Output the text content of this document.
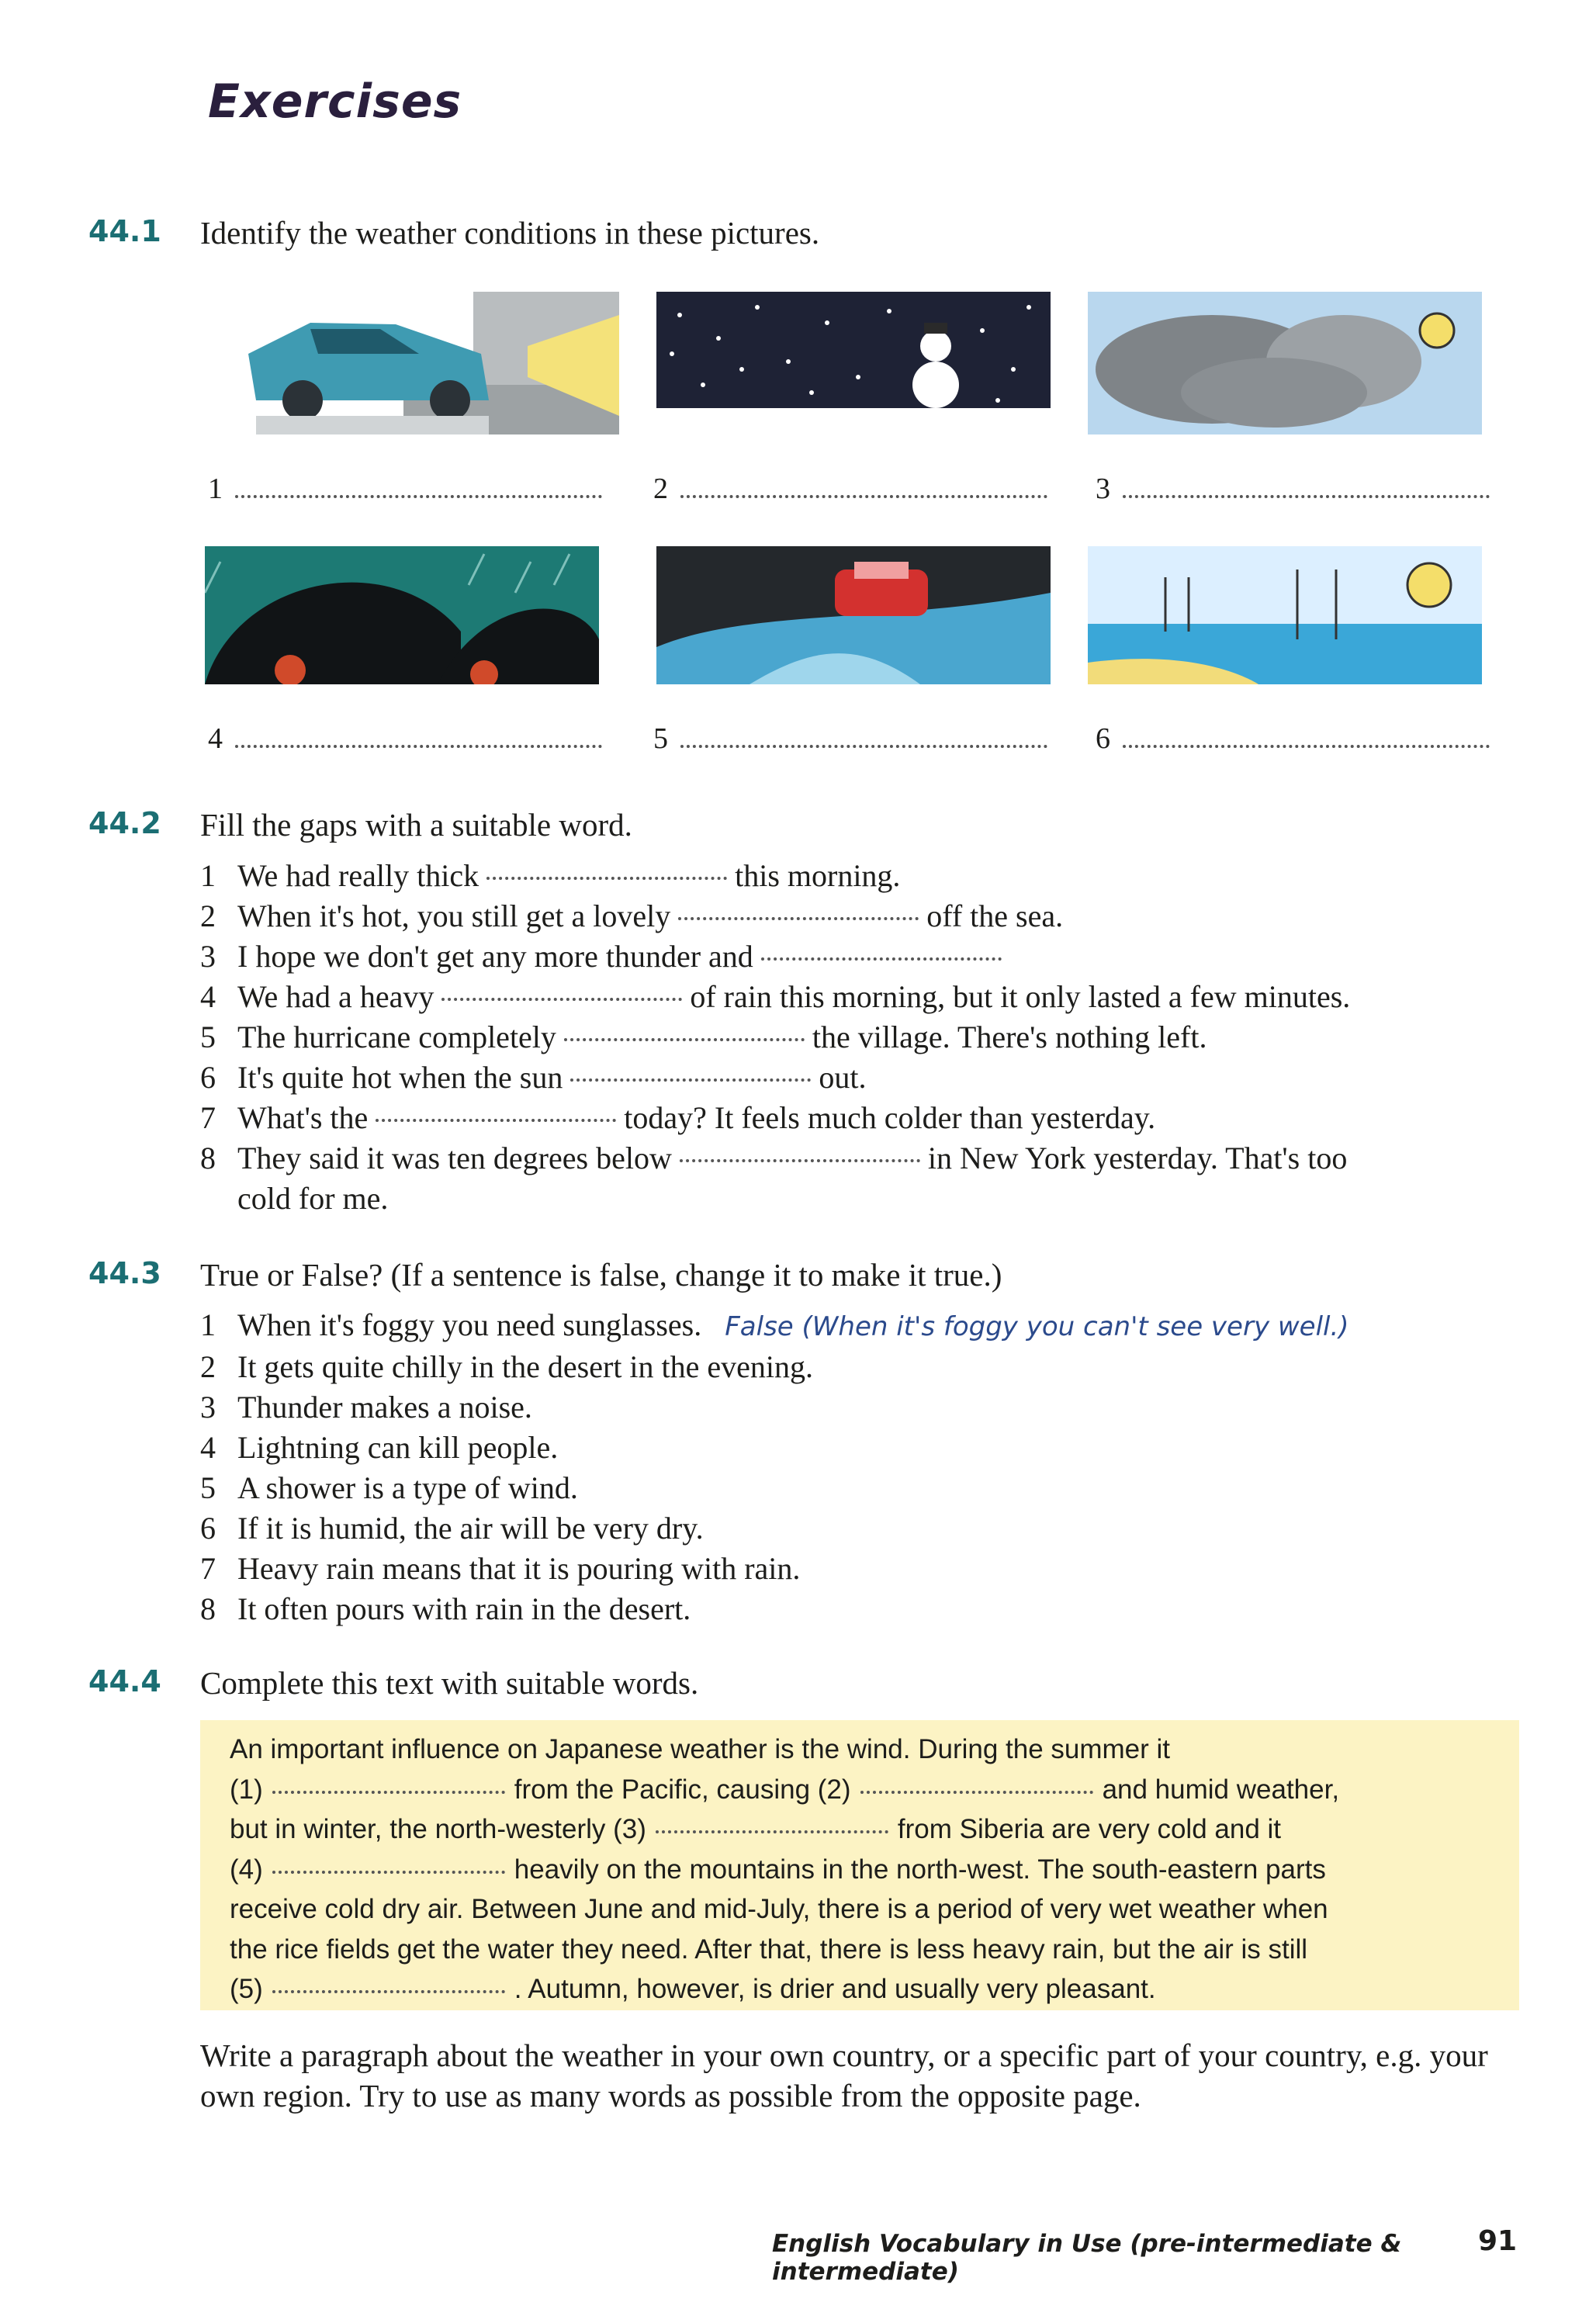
Exercises
44.1 Identify the weather conditions in these pictures.
1	2	3
4	5	6
44.2 Fill the gaps with a suitable word.
1 We had really thick	this morning.
2 When it's hot, you still get a lovely	off the sea.
3 I hope we don't get any more thunder and
4 We had a heavy	of rain this morning, but it only lasted a few minutes.
5 The hurricane completely	the village. There's nothing left.
6 It's quite hot when the sun	out.
7 What's the	today? It feels much colder than yesterday.
8 They said it was ten degrees below	in New York yesterday. That's too
cold for me.
44.3 True or False? (If a sentence is false, change it to make it true.)
1 When it's foggy you need sunglasses. False (When it's foggy you can't see very well.)
2 It gets quite chilly in the desert in the evening.
3 Thunder makes a noise.
4 Lightning can kill people.
5 A shower is a type of wind.
6 If it is humid, the air will be very dry.
7 Heavy rain means that it is pouring with rain.
8 It often pours with rain in the desert.
44.4 Complete this text with suitable words.

An important influence on Japanese weather is the wind. During the summer it

(1)	from the Pacific, causing (2)	and humid weather,

but in winter, the north-westerly (3)	from Siberia are very cold and it

(4)	heavily on the mountains in the north-west. The south-eastern parts

receive cold dry air. Between June and mid-July, there is a period of very wet weather when

the rice fields get the water they need. After that, there is less heavy rain, but the air is still

(5)	. Autumn, however, is drier and usually very pleasant.

Write a paragraph about the weather in your own country, or a specific part of your country, e.g. your own region. Try to use as many words as possible from the opposite page.

English Vocabulary in Use (pre-intermediate & intermediate)

91
